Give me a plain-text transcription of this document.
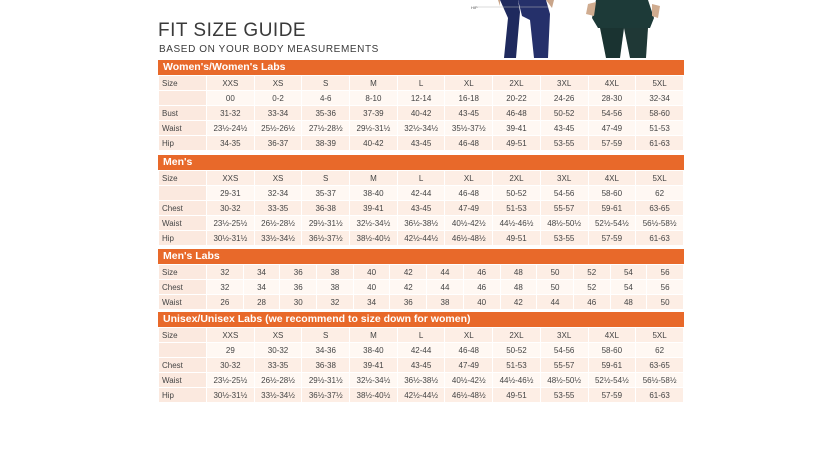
HIP
FIT SIZE GUIDE
BASED ON YOUR BODY MEASUREMENTS
Women's/Women's Labs
Size	XXS	XS	S	M	L	XL	2XL	3XL	4XL	5XL
	00	0-2	4-6	8-10	12-14	16-18	20-22	24-26	28-30	32-34
Bust	31-32	33-34	35-36	37-39	40-42	43-45	46-48	50-52	54-56	58-60
Waist	23½-24½	25½-26½	27½-28½	29½-31½	32½-34½	35½-37½	39-41	43-45	47-49	51-53
Hip	34-35	36-37	38-39	40-42	43-45	46-48	49-51	53-55	57-59	61-63
Men's
Size	XXS	XS	S	M	L	XL	2XL	3XL	4XL	5XL
	29-31	32-34	35-37	38-40	42-44	46-48	50-52	54-56	58-60	62
Chest	30-32	33-35	36-38	39-41	43-45	47-49	51-53	55-57	59-61	63-65
Waist	23½-25½	26½-28½	29½-31½	32½-34½	36½-38½	40½-42½	44½-46½	48½-50½	52½-54½	56½-58½
Hip	30½-31½	33½-34½	36½-37½	38½-40½	42½-44½	46½-48½	49-51	53-55	57-59	61-63
Men's Labs
Size	32	34	36	38	40	42	44	46	48	50	52	54	56
Chest	32	34	36	38	40	42	44	46	48	50	52	54	56
Waist	26	28	30	32	34	36	38	40	42	44	46	48	50
Unisex/Unisex Labs (we recommend to size down for women)
Size	XXS	XS	S	M	L	XL	2XL	3XL	4XL	5XL
	29	30-32	34-36	38-40	42-44	46-48	50-52	54-56	58-60	62
Chest	30-32	33-35	36-38	39-41	43-45	47-49	51-53	55-57	59-61	63-65
Waist	23½-25½	26½-28½	29½-31½	32½-34½	36½-38½	40½-42½	44½-46½	48½-50½	52½-54½	56½-58½
Hip	30½-31½	33½-34½	36½-37½	38½-40½	42½-44½	46½-48½	49-51	53-55	57-59	61-63
